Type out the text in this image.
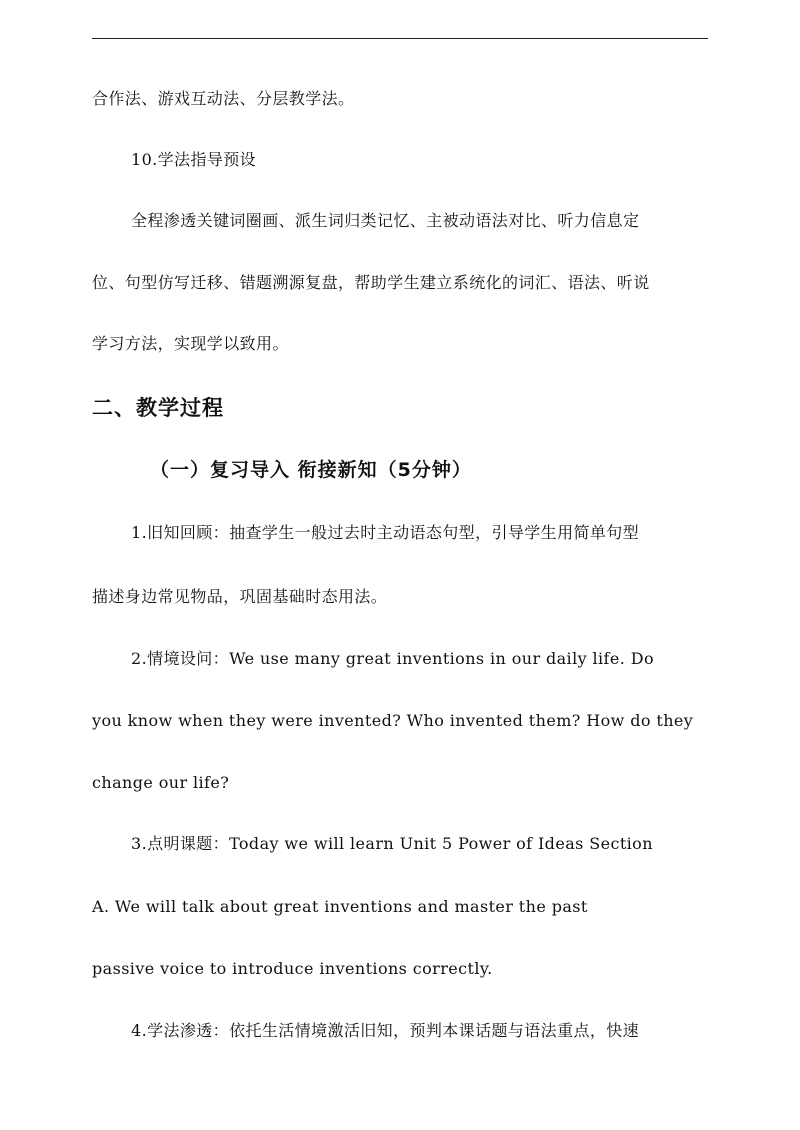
合作法、游戏互动法、分层教学法。
10.学法指导预设
全程渗透关键词圈画、派生词归类记忆、主被动语法对比、听力信息定
位、句型仿写迁移、错题溯源复盘，帮助学生建立系统化的词汇、语法、听说
学习方法，实现学以致用。
二、教学过程
（一）复习导入 衔接新知（5分钟）
1.旧知回顾：抽查学生一般过去时主动语态句型，引导学生用简单句型
描述身边常见物品，巩固基础时态用法。
2.情境设问：We use many great inventions in our daily life. Do
you know when they were invented? Who invented them? How do they
change our life?
3.点明课题：Today we will learn Unit 5 Power of Ideas Section
A. We will talk about great inventions and master the past
passive voice to introduce inventions correctly.
4.学法渗透：依托生活情境激活旧知，预判本课话题与语法重点，快速
